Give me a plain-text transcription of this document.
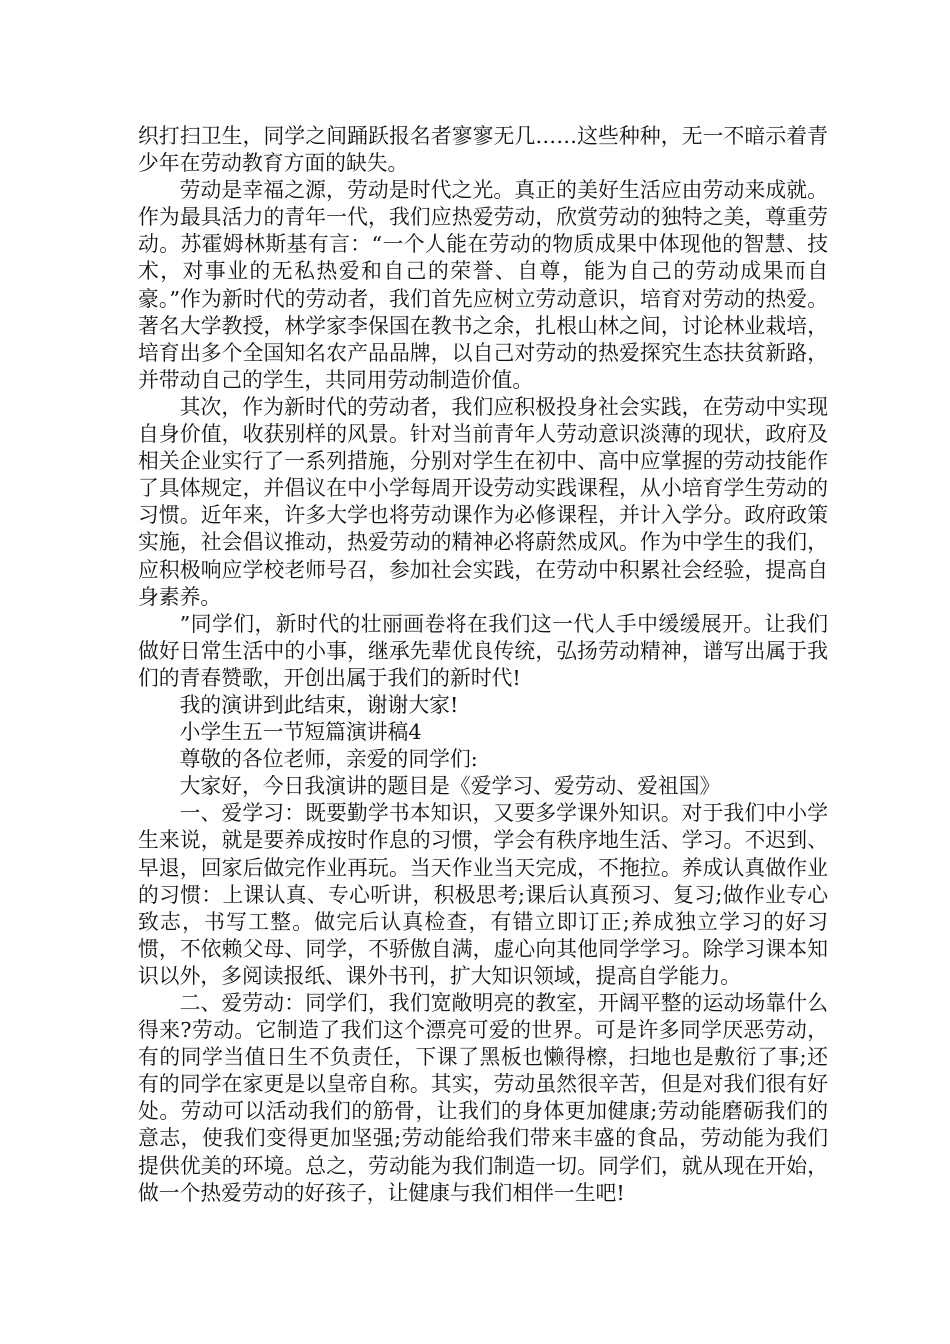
织打扫卫生，同学之间踊跃报名者寥寥无几……这些种种，无一不暗示着青少年在劳动教育方面的缺失。

劳动是幸福之源，劳动是时代之光。真正的美好生活应由劳动来成就。作为最具活力的青年一代，我们应热爱劳动，欣赏劳动的独特之美，尊重劳动。苏霍姆林斯基有言：“一个人能在劳动的物质成果中体现他的智慧、技术，对事业的无私热爱和自己的荣誉、自尊，能为自己的劳动成果而自豪。”作为新时代的劳动者，我们首先应树立劳动意识，培育对劳动的热爱。著名大学教授，林学家李保国在教书之余，扎根山林之间，讨论林业栽培，培育出多个全国知名农产品品牌，以自己对劳动的热爱探究生态扶贫新路，并带动自己的学生，共同用劳动制造价值。

其次，作为新时代的劳动者，我们应积极投身社会实践，在劳动中实现自身价值，收获别样的风景。针对当前青年人劳动意识淡薄的现状，政府及相关企业实行了一系列措施，分别对学生在初中、高中应掌握的劳动技能作了具体规定，并倡议在中小学每周开设劳动实践课程，从小培育学生劳动的习惯。近年来，许多大学也将劳动课作为必修课程，并计入学分。政府政策实施，社会倡议推动，热爱劳动的精神必将蔚然成风。作为中学生的我们，应积极响应学校老师号召，参加社会实践，在劳动中积累社会经验，提高自身素养。

”同学们，新时代的壮丽画卷将在我们这一代人手中缓缓展开。让我们做好日常生活中的小事，继承先辈优良传统，弘扬劳动精神，谱写出属于我们的青春赞歌，开创出属于我们的新时代!

我的演讲到此结束，谢谢大家!

小学生五一节短篇演讲稿4

尊敬的各位老师，亲爱的同学们:

大家好，今日我演讲的题目是《爱学习、爱劳动、爱祖国》

一、爱学习：既要勤学书本知识，又要多学课外知识。对于我们中小学生来说，就是要养成按时作息的习惯，学会有秩序地生活、学习。不迟到、早退，回家后做完作业再玩。当天作业当天完成，不拖拉。养成认真做作业的习惯：上课认真、专心听讲，积极思考;课后认真预习、复习;做作业专心致志，书写工整。做完后认真检查，有错立即订正;养成独立学习的好习惯，不依赖父母、同学，不骄傲自满，虚心向其他同学学习。除学习课本知识以外，多阅读报纸、课外书刊，扩大知识领域，提高自学能力。

二、爱劳动：同学们，我们宽敞明亮的教室，开阔平整的运动场靠什么得来?劳动。它制造了我们这个漂亮可爱的世界。可是许多同学厌恶劳动，有的同学当值日生不负责任，下课了黑板也懒得檫，扫地也是敷衍了事;还有的同学在家更是以皇帝自称。其实，劳动虽然很辛苦，但是对我们很有好处。劳动可以活动我们的筋骨，让我们的身体更加健康;劳动能磨砺我们的意志，使我们变得更加坚强;劳动能给我们带来丰盛的食品，劳动能为我们提供优美的环境。总之，劳动能为我们制造一切。同学们，就从现在开始，做一个热爱劳动的好孩子，让健康与我们相伴一生吧!
